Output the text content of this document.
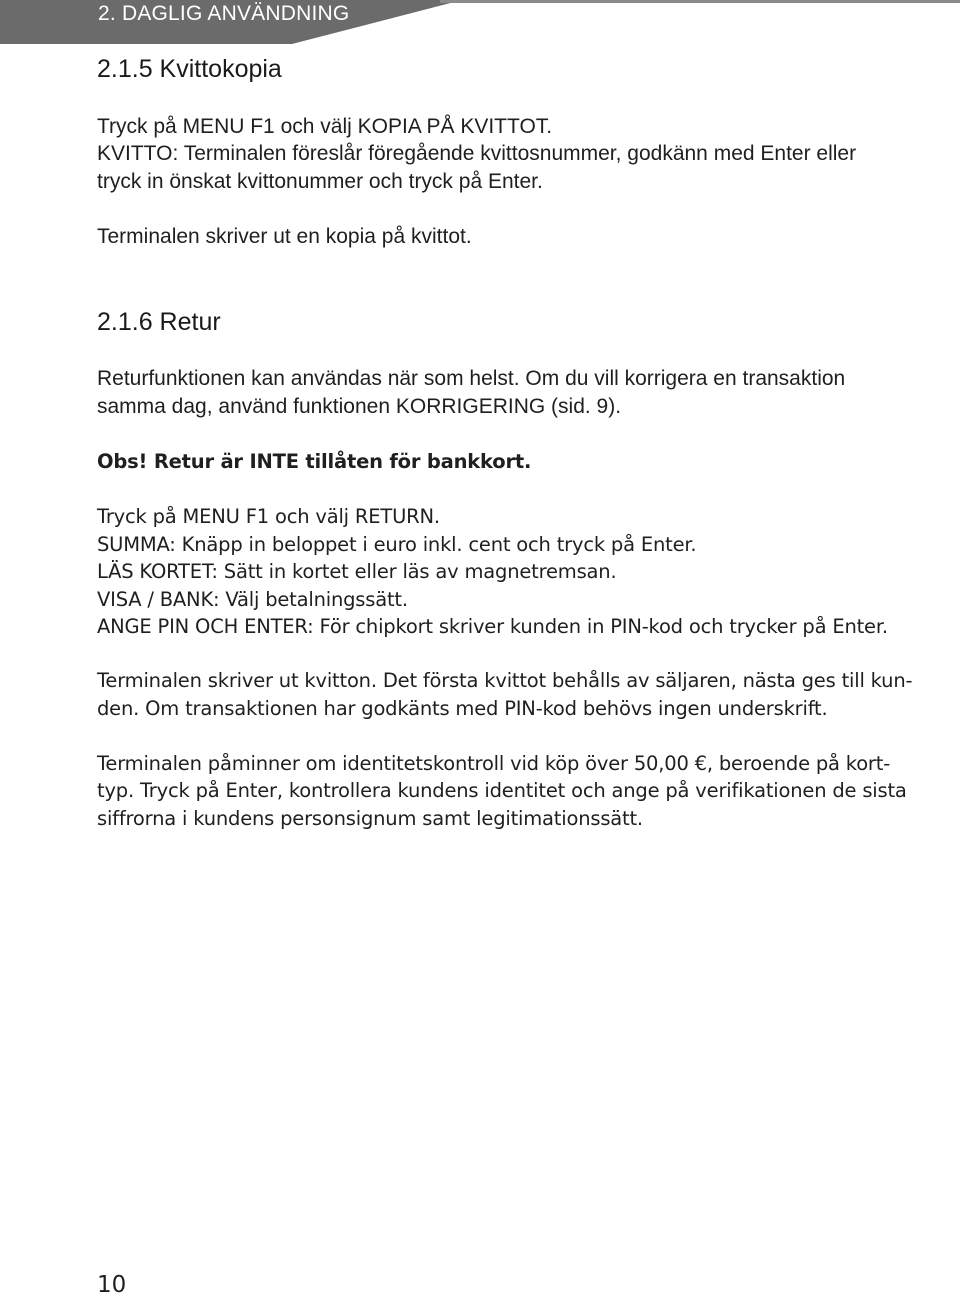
2. DAGLIG ANVÄNDNING
2.1.5 Kvittokopia
Tryck på MENU F1 och välj KOPIA PÅ KVITTOT.
KVITTO: Terminalen föreslår föregående kvittosnummer, godkänn med Enter eller
tryck in önskat kvittonummer och tryck på Enter.
Terminalen skriver ut en kopia på kvittot.
2.1.6 Retur
Returfunktionen kan användas när som helst. Om du vill korrigera en transaktion
samma dag, använd funktionen KORRIGERING (sid. 9).
Obs! Retur är INTE tillåten för bankkort.
Tryck på MENU F1 och välj RETURN.
SUMMA: Knäpp in beloppet i euro inkl. cent och tryck på Enter.
LÄS KORTET: Sätt in kortet eller läs av magnetremsan.
VISA / BANK: Välj betalningssätt.
ANGE PIN OCH ENTER: För chipkort skriver kunden in PIN-kod och trycker på Enter.
Terminalen skriver ut kvitton. Det första kvittot behålls av säljaren, nästa ges till kun-
den. Om transaktionen har godkänts med PIN-kod behövs ingen underskrift.
Terminalen påminner om identitetskontroll vid köp över 50,00 €, beroende på kort-
typ. Tryck på Enter, kontrollera kundens identitet och ange på verifikationen de sista
siffrorna i kundens personsignum samt legitimationssätt.
10
